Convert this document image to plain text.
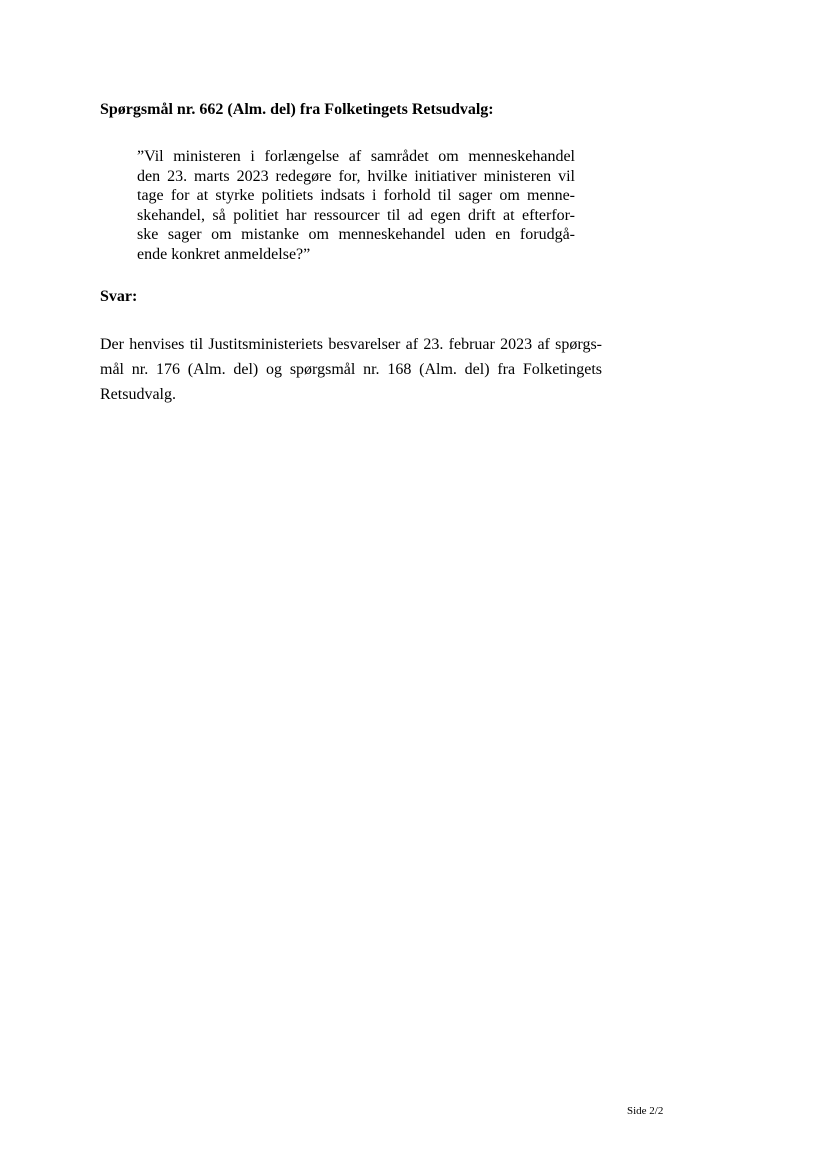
Spørgsmål nr. 662 (Alm. del) fra Folketingets Retsudvalg:
”Vil ministeren i forlængelse af samrådet om menneskehandel
den 23. marts 2023 redegøre for, hvilke initiativer ministeren vil
tage for at styrke politiets indsats i forhold til sager om menne-
skehandel, så politiet har ressourcer til ad egen drift at efterfor-
ske sager om mistanke om menneskehandel uden en forudgå-
ende konkret anmeldelse?”
Svar:
Der henvises til Justitsministeriets besvarelser af 23. februar 2023 af spørgs-
mål nr. 176 (Alm. del) og spørgsmål nr. 168 (Alm. del) fra Folketingets
Retsudvalg.
Side 2/2
